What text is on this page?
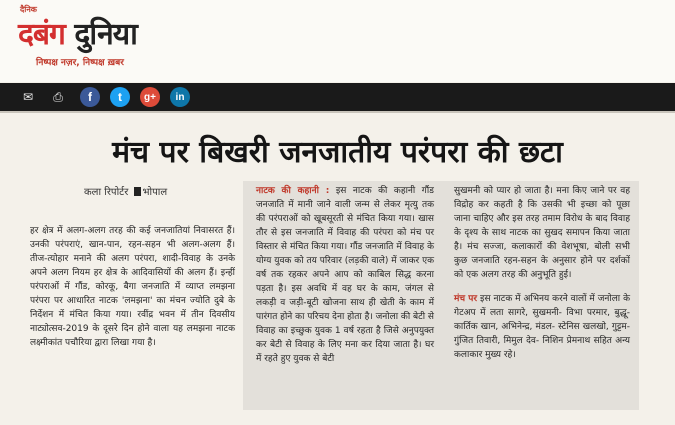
दैनिक
दबंग दुनिया
निष्पक्ष नज़र, निष्पक्ष ख़बर
✉	⎙	f	t	g+	in
मंच पर बिखरी जनजातीय परंपरा की छटा
कला रिपोर्टर भोपाल
हर क्षेत्र में अलग-अलग तरह की कई जनजातियां निवासरत हैं। उनकी परंपराएं, खान-पान, रहन-सहन भी अलग-अलग हैं। तीज-त्योहार मनाने की अलग परंपरा, शादी-विवाह के उनके अपने अलग नियम हर क्षेत्र के आदिवासियों की अलग हैं। इन्हीं परंपराओं में गौंड, कोरकू, बैगा जनजाति में व्याप्त लमझना परंपरा पर आधारित नाटक 'लमझना' का मंचन ज्योति दुबे के निर्देशन में मंचित किया गया। रवींद्र भवन में तीन दिवसीय नाट्योत्सव-2019 के दूसरे दिन होने वाला यह लमझना नाटक लक्ष्मीकांत पचौरिया द्वारा लिखा गया है।
नाटक की कहानी : इस नाटक की कहानी गौंड जनजाति में मानी जाने वाली जन्म से लेकर मृत्यु तक की परंपराओं को खूबसूरती से मंचित किया गया। खास तौर से इस जनजाति में विवाह की परंपरा को मंच पर विस्तार से मंचित किया गया। गौंड जनजाति में विवाह के योग्य युवक को तय परिवार (लड़की वाले) में जाकर एक वर्ष तक रहकर अपने आप को काबिल सिद्ध करना पड़ता है। इस अवधि में वह घर के काम, जंगल से लकड़ी व जड़ी-बूटी खोजना साथ ही खेती के काम में पारंगत होने का परिचय देना होता है। जनोला की बेटी से विवाह का इच्छुक युवक 1 वर्ष रहता है जिसे अनुपयुक्त कर बेटी से विवाह के लिए मना कर दिया जाता है। घर में रहते हुए युवक से बेटी

सुखमनी को प्यार हो जाता है। मना किए जाने पर वह विद्रोह कर कहती है कि उसकी भी इच्छा को पूछा जाना चाहिए और इस तरह तमाम विरोध के बाद विवाह के दृश्य के साथ नाटक का सुखद समापन किया जाता है। मंच सज्जा, कलाकारों की वेशभूषा, बोली सभी कुछ जनजाति रहन-सहन के अनुसार होने पर दर्शकों को एक अलग तरह की अनुभूति हुई।

मंच पर इस नाटक में अभिनय करने वालों में जनोला के गेटअप में लता सागरे, सुखमनी- विभा परमार, बुद्धू- कार्तिक खान, अभिनेन्द्र, मंडल- स्टेनिस खलखो, गुट्टम- गुंजित तिवारी, मिमुल देव- निशिन प्रेमनाथ सहित अन्य कलाकार मुख्य रहे।
